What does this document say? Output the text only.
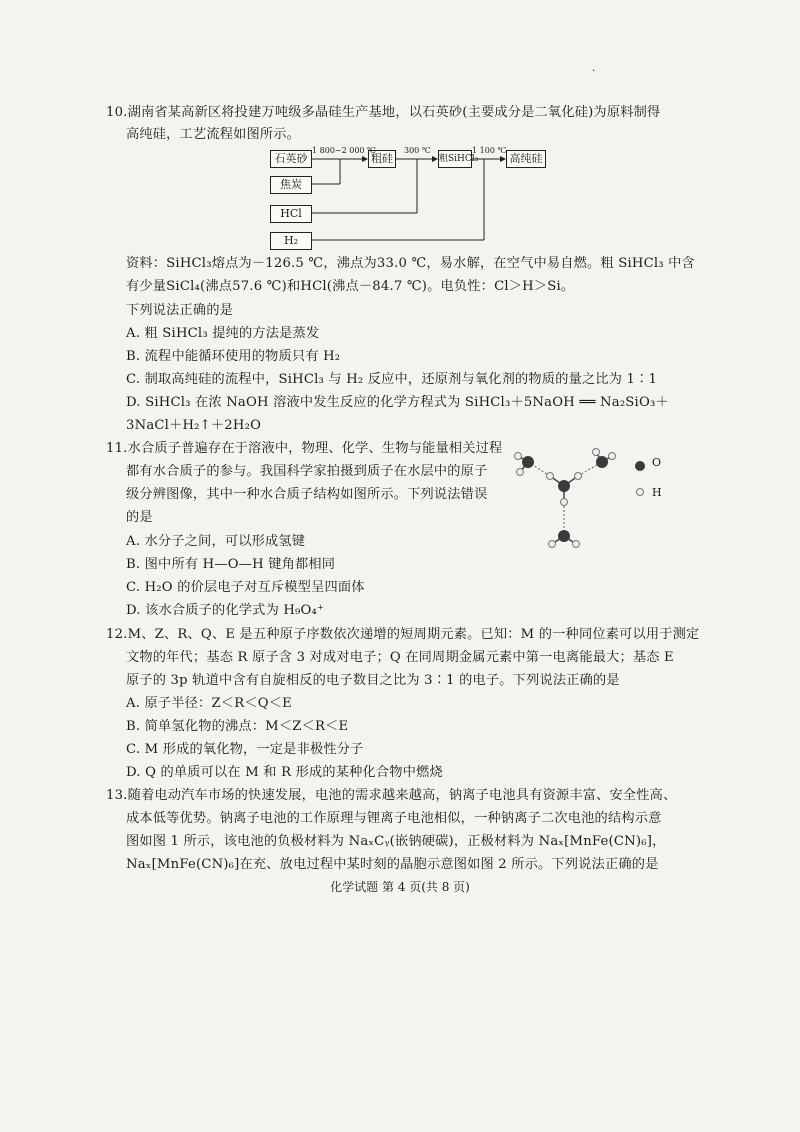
·
10.湖南省某高新区将投建万吨级多晶硅生产基地，以石英砂(主要成分是二氧化硅)为原料制得
高纯硅，工艺流程如图所示。
石英砂
焦炭
HCl
H₂
粗硅	粗SiHCl₃	高纯硅
1 800~2 000 ℃	300 ℃	1 100 ℃
资料：SiHCl₃熔点为－126.5 ℃，沸点为33.0 ℃，易水解，在空气中易自燃。粗 SiHCl₃ 中含
有少量SiCl₄(沸点57.6 ℃)和HCl(沸点－84.7 ℃)。电负性：Cl＞H＞Si。
下列说法正确的是
A. 粗 SiHCl₃ 提纯的方法是蒸发
B. 流程中能循环使用的物质只有 H₂
C. 制取高纯硅的流程中，SiHCl₃ 与 H₂ 反应中，还原剂与氧化剂的物质的量之比为 1∶1
D. SiHCl₃ 在浓 NaOH 溶液中发生反应的化学方程式为 SiHCl₃＋5NaOH ══ Na₂SiO₃＋
3NaCl＋H₂↑＋2H₂O
11.水合质子普遍存在于溶液中，物理、化学、生物与能量相关过程
都有水合质子的参与。我国科学家拍摄到质子在水层中的原子
级分辨图像，其中一种水合质子结构如图所示。下列说法错误
的是
O
H
A. 水分子之间，可以形成氢键
B. 图中所有 H—O—H 键角都相同
C. H₂O 的价层电子对互斥模型呈四面体
D. 该水合质子的化学式为 H₉O₄⁺
12.M、Z、R、Q、E 是五种原子序数依次递增的短周期元素。已知：M 的一种同位素可以用于测定
文物的年代；基态 R 原子含 3 对成对电子；Q 在同周期金属元素中第一电离能最大；基态 E
原子的 3p 轨道中含有自旋相反的电子数目之比为 3∶1 的电子。下列说法正确的是
A. 原子半径：Z＜R＜Q＜E
B. 简单氢化物的沸点：M＜Z＜R＜E
C. M 形成的氧化物，一定是非极性分子
D. Q 的单质可以在 M 和 R 形成的某种化合物中燃烧
13.随着电动汽车市场的快速发展，电池的需求越来越高，钠离子电池具有资源丰富、安全性高、
成本低等优势。钠离子电池的工作原理与锂离子电池相似，一种钠离子二次电池的结构示意
图如图 1 所示，该电池的负极材料为 NaₓCᵧ(嵌钠硬碳)，正极材料为 Naₓ[MnFe(CN)₆]，
Naₓ[MnFe(CN)₆]在充、放电过程中某时刻的晶胞示意图如图 2 所示。下列说法正确的是
化学试题 第 4 页(共 8 页)
